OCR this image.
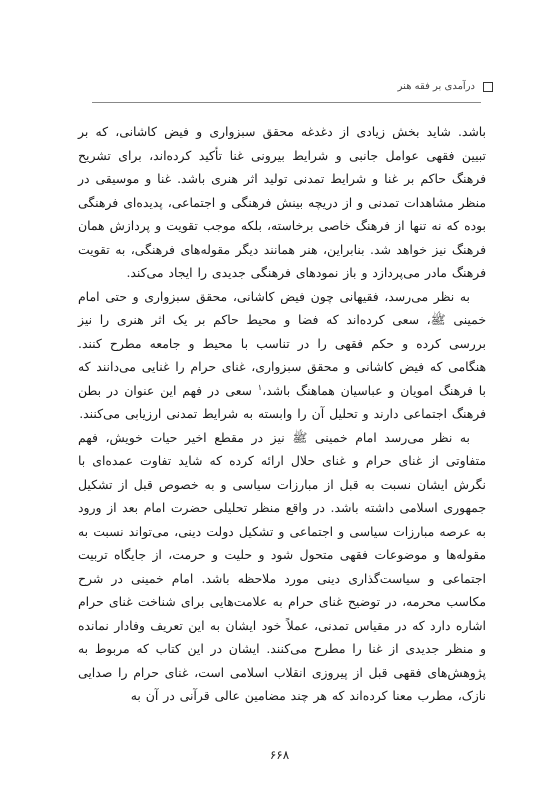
درآمدی بر فقه هنر

باشد. شاید بخش زیادی از دغدغه محقق سبزواری و فیض کاشانی، که بر تبیین فقهی عوامل جانبی و شرایط بیرونی غنا تأکید کرده‌اند، برای تشریح فرهنگ حاکم بر غنا و شرایط تمدنی تولید اثر هنری باشد. غنا و موسیقی در منظر مشاهدات تمدنی و از دریچه بینش فرهنگی و اجتماعی، پدیده‌ای فرهنگی بوده که نه تنها از فرهنگ خاصی برخاسته، بلکه موجب تقویت و پردازش همان فرهنگ نیز خواهد شد. بنابراین، هنر همانند دیگر مقوله‌های فرهنگی، به تقویت فرهنگ مادر می‌پردازد و باز نمودهای فرهنگی جدیدی را ایجاد می‌کند.

به نظر می‌رسد، فقیهانی چون فیض کاشانی، محقق سبزواری و حتی امام خمینی ﷺ، سعی کرده‌اند که فضا و محیط حاکم بر یک اثر هنری را نیز بررسی کرده و حکم فقهی را در تناسب با محیط و جامعه مطرح کنند. هنگامی که فیض کاشانی و محقق سبزواری، غنای حرام را غنایی می‌دانند که با فرهنگ امویان و عباسیان هماهنگ باشد،$^۱$ سعی در فهم این عنوان در بطن فرهنگ اجتماعی دارند و تحلیل آن را وابسته به شرایط تمدنی ارزیابی می‌کنند.

به نظر می‌رسد امام خمینی ﷺ نیز در مقطع اخیر حیات خویش، فهم متفاوتی از غنای حرام و غنای حلال ارائه کرده که شاید تفاوت عمده‌ای با نگرش ایشان نسبت به قبل از مبارزات سیاسی و به خصوص قبل از تشکیل جمهوری اسلامی داشته باشد. در واقع منظر تحلیلی حضرت امام بعد از ورود به عرصه مبارزات سیاسی و اجتماعی و تشکیل دولت دینی، می‌تواند نسبت به مقوله‌ها و موضوعات فقهی متحول شود و حلیت و حرمت، از جایگاه تربیت اجتماعی و سیاست‌گذاری دینی مورد ملاحظه باشد. امام خمینی در شرح مکاسب محرمه، در توضیح غنای حرام به علامت‌هایی برای شناخت غنای حرام اشاره دارد که در مقیاس تمدنی، عملاً خود ایشان به این تعریف وفادار نمانده و منظر جدیدی از غنا را مطرح می‌کنند. ایشان در این کتاب که مربوط به پژوهش‌های فقهی قبل از پیروزی انقلاب اسلامی است، غنای حرام را صدایی نازک، مطرب معنا کرده‌اند که هر چند مضامین عالی قرآنی در آن به

۶۶۸
